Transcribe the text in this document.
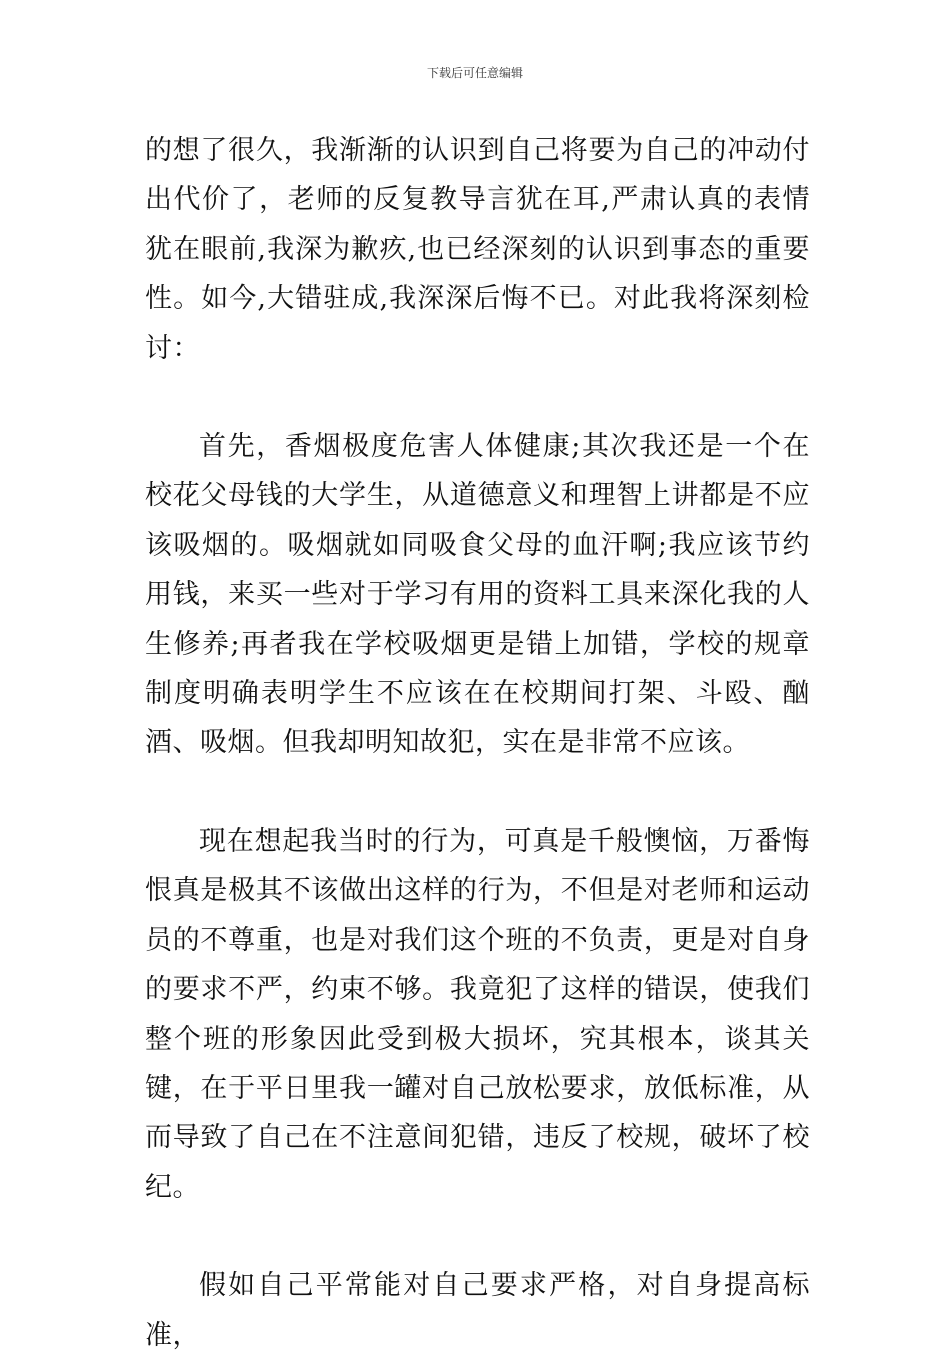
下载后可任意编辑

的想了很久，我渐渐的认识到自己将要为自己的冲动付出代价了，老师的反复教导言犹在耳,严肃认真的表情犹在眼前,我深为歉疚,也已经深刻的认识到事态的重要性。如今,大错驻成,我深深后悔不已。对此我将深刻检讨：

首先，香烟极度危害人体健康;其次我还是一个在校花父母钱的大学生，从道德意义和理智上讲都是不应该吸烟的。吸烟就如同吸食父母的血汗啊;我应该节约用钱，来买一些对于学习有用的资料工具来深化我的人生修养;再者我在学校吸烟更是错上加错，学校的规章制度明确表明学生不应该在在校期间打架、斗殴、酗酒、吸烟。但我却明知故犯，实在是非常不应该。

现在想起我当时的行为，可真是千般懊恼，万番悔恨真是极其不该做出这样的行为，不但是对老师和运动员的不尊重，也是对我们这个班的不负责，更是对自身的要求不严，约束不够。我竟犯了这样的错误，使我们整个班的形象因此受到极大损坏，究其根本，谈其关键，在于平日里我一罐对自己放松要求，放低标准，从而导致了自己在不注意间犯错，违反了校规，破坏了校纪。

假如自己平常能对自己要求严格，对自身提高标准，
